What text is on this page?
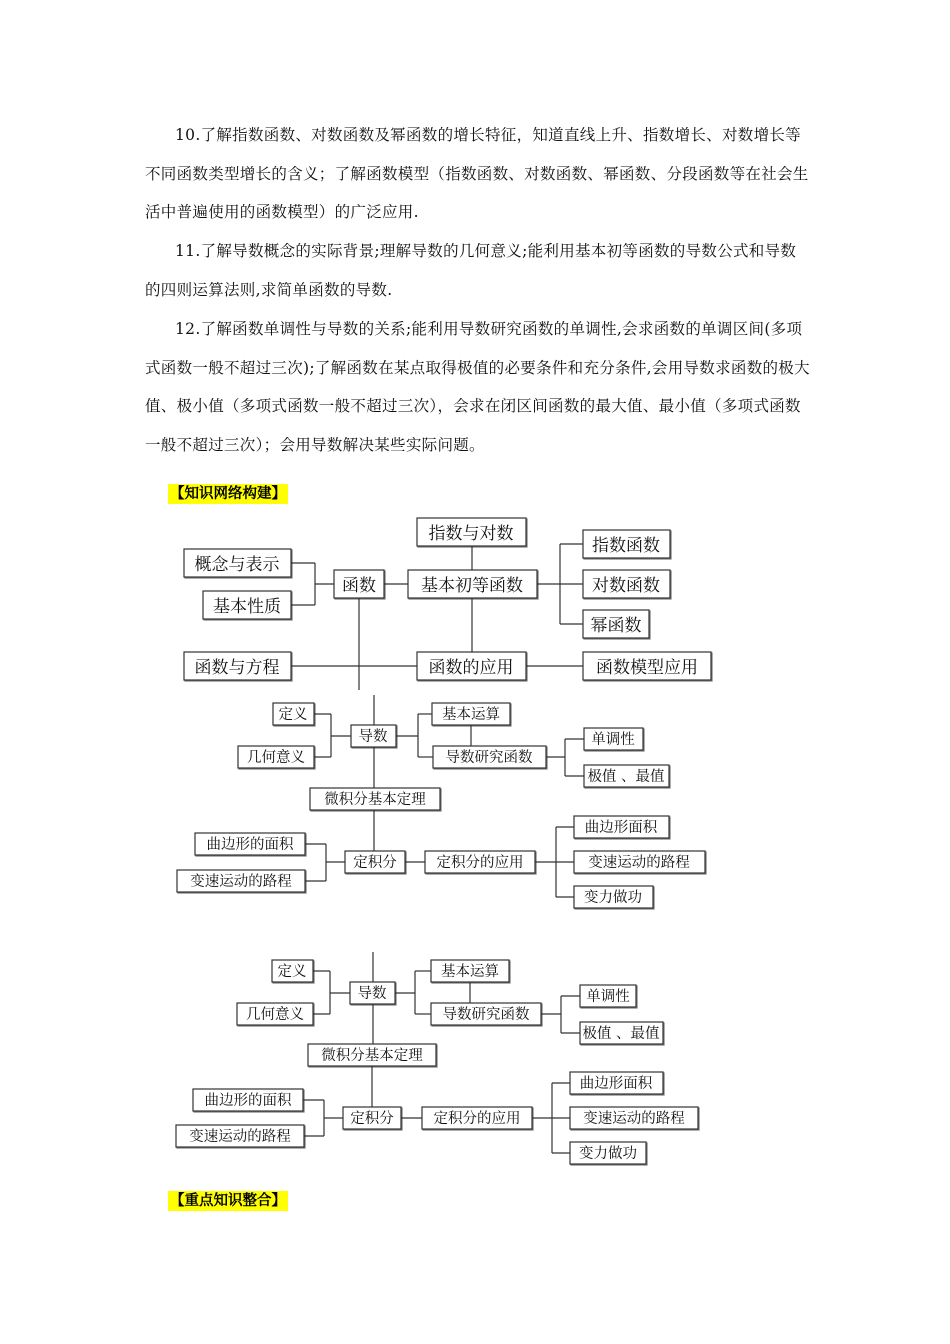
10.了解指数函数、对数函数及幂函数的增长特征，知道直线上升、指数增长、对数增长等不同函数类型增长的含义；了解函数模型（指数函数、对数函数、幂函数、分段函数等在社会生活中普遍使用的函数模型）的广泛应用.
11.了解导数概念的实际背景;理解导数的几何意义;能利用基本初等函数的导数公式和导数的四则运算法则,求简单函数的导数.
12.了解函数单调性与导数的关系;能利用导数研究函数的单调性,会求函数的单调区间(多项式函数一般不超过三次);了解函数在某点取得极值的必要条件和充分条件,会用导数求函数的极大值、极小值（多项式函数一般不超过三次），会求在闭区间函数的最大值、最小值（多项式函数一般不超过三次）；会用导数解决某些实际问题。
【知识网络构建】
概念与表示
基本性质
函数
指数与对数
基本初等函数
指数函数
对数函数
幂函数
函数与方程	函数的应用	函数模型应用
定义
几何意义
导数
基本运算
导数研究函数
单调性
极值 、最值
微积分基本定理
曲边形的面积
变速运动的路程
定积分	定积分的应用
曲边形面积
变速运动的路程
变力做功
定义
几何意义
导数
基本运算
导数研究函数
单调性
极值 、最值
微积分基本定理
曲边形的面积
变速运动的路程
定积分	定积分的应用
曲边形面积
变速运动的路程
变力做功
【重点知识整合】
